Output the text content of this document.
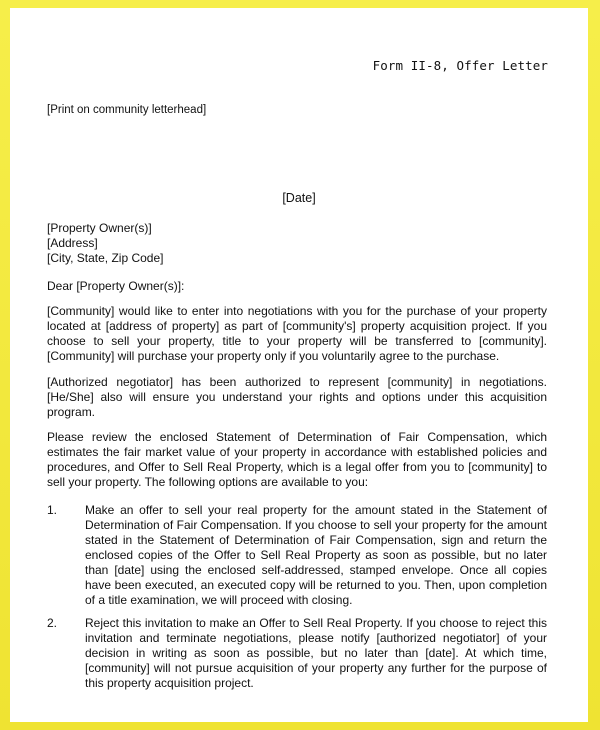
Form II-8, Offer Letter
[Print on community letterhead]
[Date]
[Property Owner(s)]
[Address]
[City, State, Zip Code]
Dear [Property Owner(s)]:

[Community] would like to enter into negotiations with you for the purchase of your property located at [address of property] as part of [community's] property acquisition project. If you choose to sell your property, title to your property will be transferred to [community]. [Community] will purchase your property only if you voluntarily agree to the purchase.

[Authorized negotiator] has been authorized to represent [community] in negotiations. [He/She] also will ensure you understand your rights and options under this acquisition program.

Please review the enclosed Statement of Determination of Fair Compensation, which estimates the fair market value of your property in accordance with established policies and procedures, and Offer to Sell Real Property, which is a legal offer from you to [community] to sell your property. The following options are available to you:

1. Make an offer to sell your real property for the amount stated in the Statement of Determination of Fair Compensation. If you choose to sell your property for the amount stated in the Statement of Determination of Fair Compensation, sign and return the enclosed copies of the Offer to Sell Real Property as soon as possible, but no later than [date] using the enclosed self-addressed, stamped envelope. Once all copies have been executed, an executed copy will be returned to you. Then, upon completion of a title examination, we will proceed with closing.

2. Reject this invitation to make an Offer to Sell Real Property. If you choose to reject this invitation and terminate negotiations, please notify [authorized negotiator] of your decision in writing as soon as possible, but no later than [date]. At which time, [community] will not pursue acquisition of your property any further for the purpose of this property acquisition project.
